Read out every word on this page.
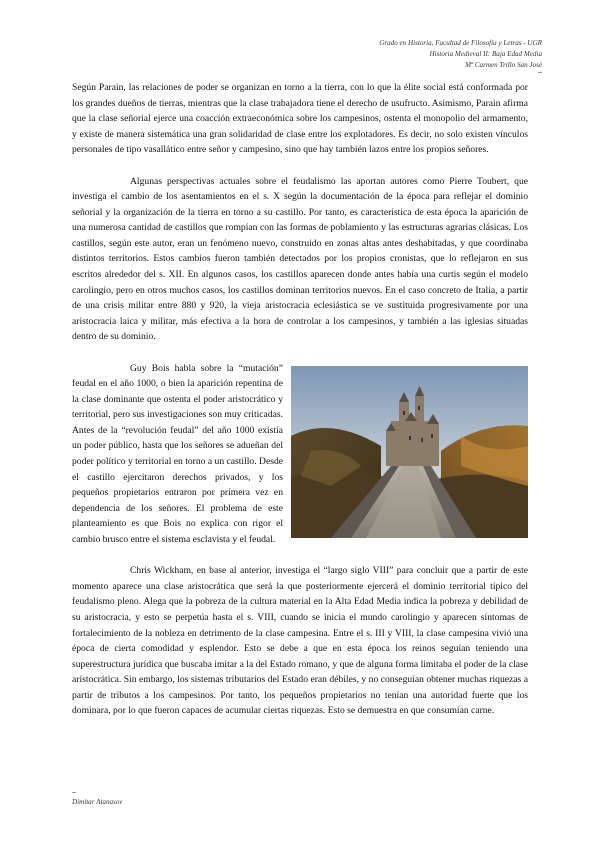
Grado en Historia, Facultad de Filosofía y Letras - UGR
Historia Medieval II: Baja Edad Media
Mª Carmen Trillo San José

Según Parain, las relaciones de poder se organizan en torno a la tierra, con lo que la élite social está conformada por los grandes dueños de tierras, mientras que la clase trabajadora tiene el derecho de usufructo. Asimismo, Parain afirma que la clase señorial ejerce una coacción extraeconómica sobre los campesinos, ostenta el monopolio del armamento, y existe de manera sistemática una gran solidaridad de clase entre los explotadores. Es decir, no solo existen vínculos personales de tipo vasallático entre señor y campesino, sino que hay también lazos entre los propios señores.

Algunas perspectivas actuales sobre el feudalismo las aportan autores como Pierre Toubert, que investiga el cambio de los asentamientos en el s. X según la documentación de la época para reflejar el dominio señorial y la organización de la tierra en torno a su castillo. Por tanto, es característica de esta época la aparición de una numerosa cantidad de castillos que rompían con las formas de poblamiento y las estructuras agrarias clásicas. Los castillos, según este autor, eran un fenómeno nuevo, construido en zonas altas antes deshabitadas, y que coordinaba distintos territorios. Estos cambios fueron también detectados por los propios cronistas, que lo reflejaron en sus escritos alrededor del s. XII. En algunos casos, los castillos aparecen donde antes había una curtis según el modelo carolingio, pero en otros muchos casos, los castillos dominan territorios nuevos. En el caso concreto de Italia, a partir de una crisis militar entre 880 y 920, la vieja aristocracia eclesiástica se ve sustituida progresivamente por una aristocracia laica y militar, más efectiva a la hora de controlar a los campesinos, y también a las iglesias situadas dentro de su dominio.

Guy Bois habla sobre la “mutación” feudal en el año 1000, o bien la aparición repentina de la clase dominante que ostenta el poder aristocrático y territorial, pero sus investigaciones son muy criticadas. Antes de la “revolución feudal” del año 1000 existía un poder público, hasta que los señores se adueñan del poder político y territorial en torno a un castillo. Desde el castillo ejercitaron derechos privados, y los pequeños propietarios entraron por primera vez en dependencia de los señores. El problema de este planteamiento es que Bois no explica con rigor el cambio brusco entre el sistema esclavista y el feudal.

Chris Wickham, en base al anterior, investiga el “largo siglo VIII” para concluir que a partir de este momento aparece una clase aristocrática que será la que posteriormente ejercerá el dominio territorial típico del feudalismo pleno. Alega que la pobreza de la cultura material en la Alta Edad Media indica la pobreza y debilidad de su aristocracia, y esto se perpetúa hasta el s. VIII, cuando se inicia el mundo carolingio y aparecen síntomas de fortalecimiento de la nobleza en detrimento de la clase campesina. Entre el s. III y VIII, la clase campesina vivió una época de cierta comodidad y esplendor. Esto se debe a que en esta época los reinos seguían teniendo una superestructura jurídica que buscaba imitar a la del Estado romano, y que de alguna forma limitaba el poder de la clase aristocrática. Sin embargo, los sistemas tributarios del Estado eran débiles, y no conseguían obtener muchas riquezas a partir de tributos a los campesinos. Por tanto, los pequeños propietarios no tenían una autoridad fuerte que los dominara, por lo que fueron capaces de acumular ciertas riquezas. Esto se demuestra en que consumían carne.

Dimitar Atanasov
